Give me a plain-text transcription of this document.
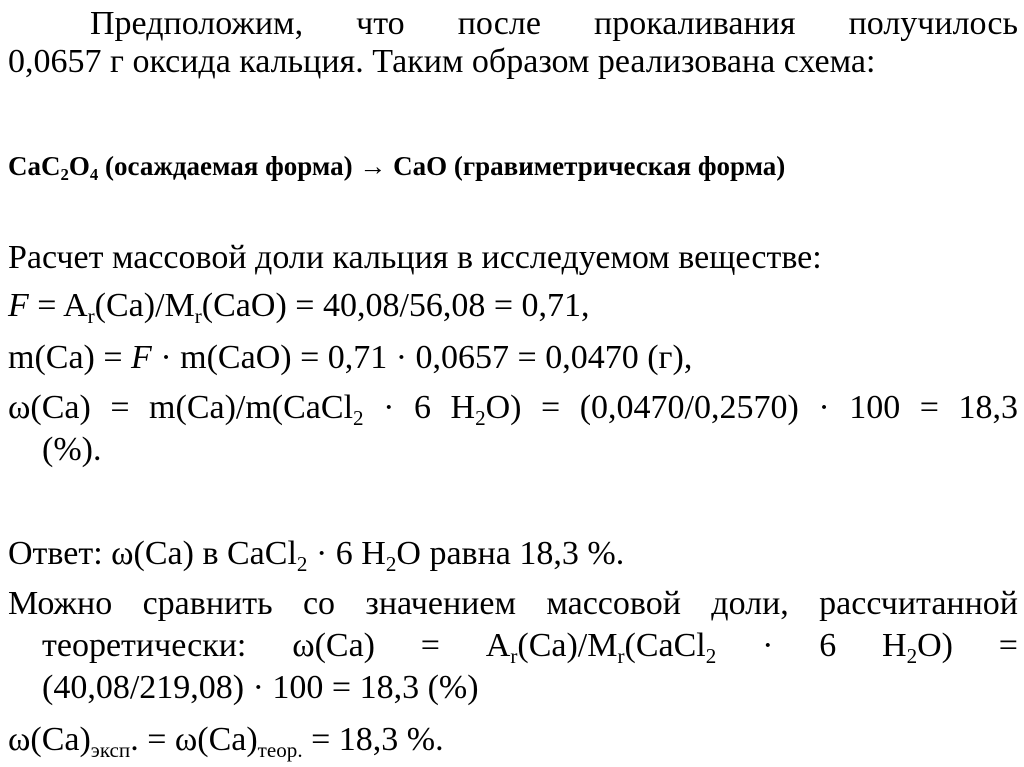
Предположим, что после прокаливания получилось
0,0657 г оксида кальция. Таким образом реализована схема:
$CaC_2O_4$ (осаждаемая форма) → CaO (гравиметрическая форма)
Расчет массовой доли кальция в исследуемом веществе:
$F = A_r(Ca)/M_r(CaO) = 40,08/56,08 = 0,71$,
m(Ca) = F · m(CaO) = 0,71 · 0,0657 = 0,0470 (г),
ω(Ca) = m(Ca)/m(CaCl$_2$ · 6 $H_2O) = (0,0470/0,2570) \cdot 100 = 18,3$
(%).
Ответ: ω(Ca) в CaCl$_2$ · 6 $H_2O$ равна 18,3 %.
Можно сравнить со значением массовой доли, рассчитанной
теоретически: $\omega(Ca) = A_r(Ca)/M_r(CaCl_2 \cdot 6$ $H_2O$) =
(40,08/219,08) · 100 = 18,3 (%)
$\omega(Ca)_{эксп}$. = $\omega(Ca)_{теор.} = 18,3$ %.
